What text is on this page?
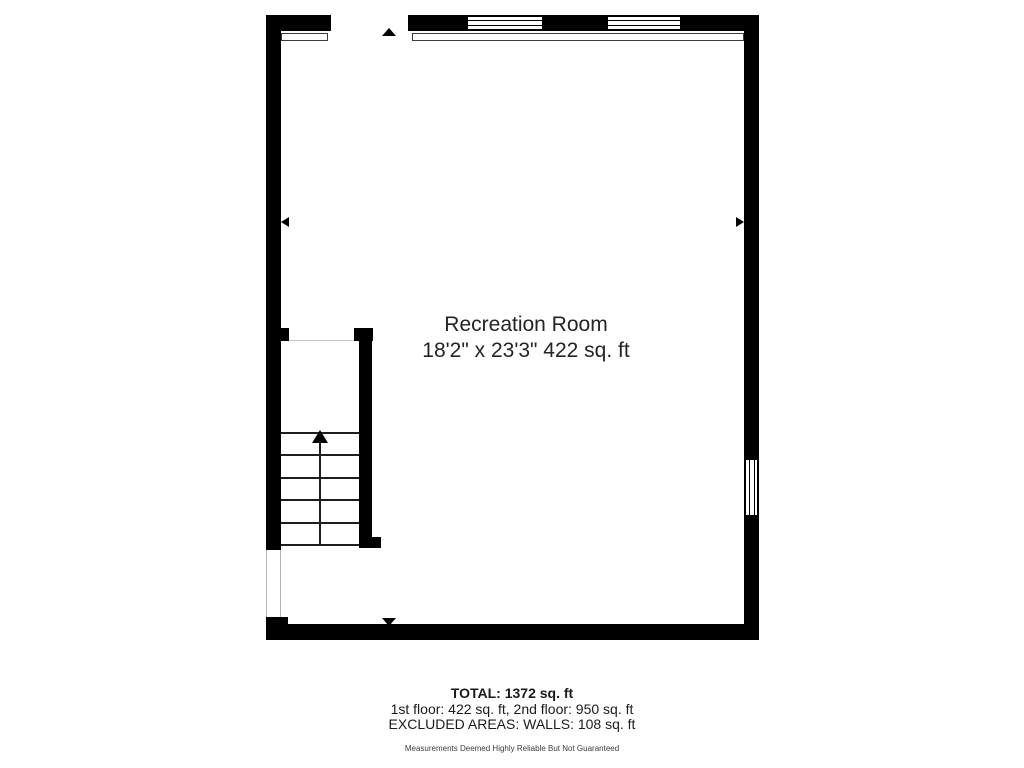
Recreation Room
18'2" x 23'3" 422 sq. ft
TOTAL: 1372 sq. ft
1st floor: 422 sq. ft, 2nd floor: 950 sq. ft
EXCLUDED AREAS: WALLS: 108 sq. ft
Measurements Deemed Highly Reliable But Not Guaranteed
